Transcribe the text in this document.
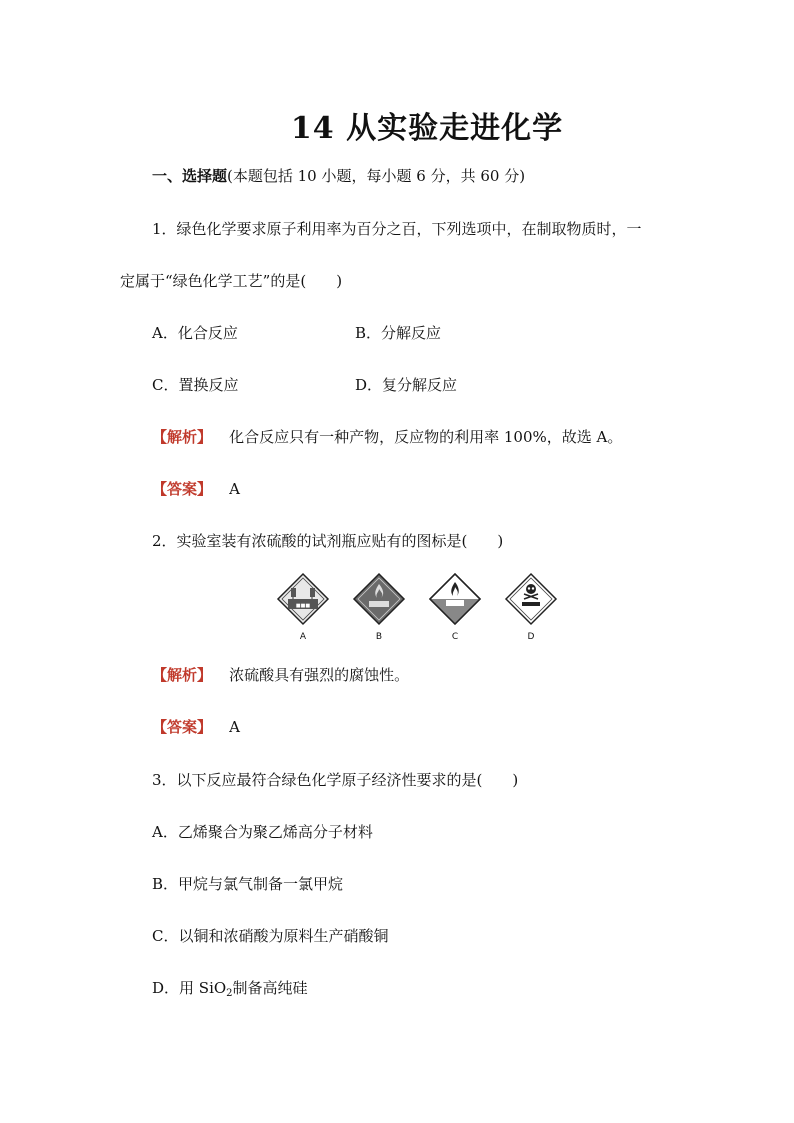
14 从实验走进化学
一、选择题(本题包括 10 小题，每小题 6 分，共 60 分)
1．绿色化学要求原子利用率为百分之百，下列选项中，在制取物质时，一
定属于“绿色化学工艺”的是(　　)
A．化合反应	B．分解反应
C．置换反应	D．复分解反应
【解析】 化合反应只有一种产物，反应物的利用率 100%，故选 A。
【答案】 A
2．实验室装有浓硫酸的试剂瓶应贴有的图标是(　　)
■■■
A	B	C	D
【解析】 浓硫酸具有强烈的腐蚀性。
【答案】 A
3．以下反应最符合绿色化学原子经济性要求的是(　　)
A．乙烯聚合为聚乙烯高分子材料
B．甲烷与氯气制备一氯甲烷
C．以铜和浓硝酸为原料生产硝酸铜
D．用 SiO$_2$制备高纯硅
